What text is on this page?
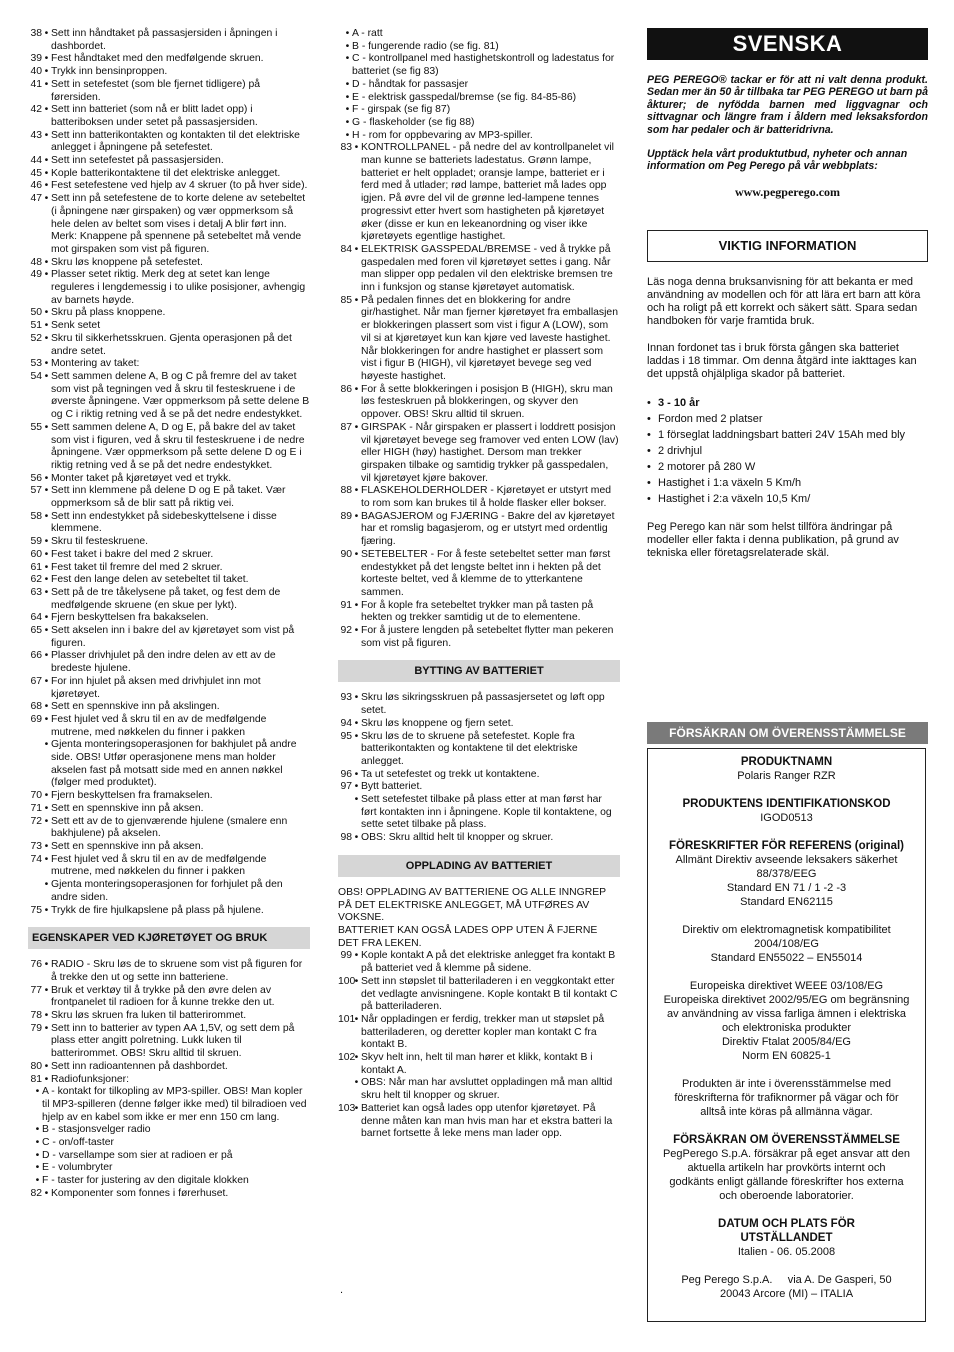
38 • Sett inn håndtaket på passasjersiden i åpningen i dashbordet.
39 • Fest håndtaket med den medfølgende skruen.
40 • Trykk inn bensinproppen.
41 • Sett in setefestet (som ble fjernet tidligere) på førersiden.
42 • Sett inn batteriet (som nå er blitt ladet opp) i batteriboksen under setet på passasjersiden.
43 • Sett inn batterikontakten og kontakten til det elektriske anlegget i åpningene på setefestet.
44 • Sett inn setefestet på passasjersiden.
45 • Kople batterikontaktene til det elektriske anlegget.
46 • Fest setefestene ved hjelp av 4 skruer (to på hver side).
47 • Sett inn på setefestene de to korte delene av setebeltet (i åpningene nær girspaken) og vær oppmerksom så hele delen av beltet som vises i detalj A blir ført inn. Merk: Knappene på spennene på setebeltet må vende mot girspaken som vist på figuren.
48 • Skru løs knoppene på setefestet.
49 • Plasser setet riktig. Merk deg at setet kan lenge reguleres i lengdemessig i to ulike posisjoner, avhengig av barnets høyde.
50 • Skru på plass knoppene.
51 • Senk setet
52 • Skru til sikkerhetsskruen. Gjenta operasjonen på det andre setet.
53 • Montering av taket:
54 • Sett sammen delene A, B og C på fremre del av taket som vist på tegningen ved å skru til festeskruene i de øverste åpningene. Vær oppmerksom på sette delene B og C i riktig retning ved å se på det nedre endestykket.
55 • Sett sammen delene A, D og E, på bakre del av taket som vist i figuren, ved å skru til festeskruene i de nedre åpningene. Vær oppmerksom på sette delene D og E i riktig retning ved å se på det nedre endestykket.
56 • Monter taket på kjøretøyet ved et trykk.
57 • Sett inn klemmene på delene D og E på taket. Vær oppmerksom så de blir satt på riktig vei.
58 • Sett inn endestykket på sidebeskyttelsene i disse klemmene.
59 • Skru til festeskruene.
60 • Fest taket i bakre del med 2 skruer.
61 • Fest taket til fremre del med 2 skruer.
62 • Fest den lange delen av setebeltet til taket.
63 • Sett på de tre tåkelysene på taket, og fest dem de medfølgende skruene (en skue per lykt).
64 • Fjern beskyttelsen fra bakakselen.
65 • Sett akselen inn i bakre del av kjøretøyet som vist på figuren.
66 • Plasser drivhjulet på den indre delen av ett av de bredeste hjulene.
67 • For inn hjulet på aksen med drivhjulet inn mot kjøretøyet.
68 • Sett en spennskive inn på akslingen.
69 • Fest hjulet ved å skru til en av de medfølgende mutrene, med nøkkelen du finner i pakken
• Gjenta monteringsoperasjonen for bakhjulet på andre side. OBS! Utfør operasjonene mens man holder akselen fast på motsatt side med en annen nøkkel (følger med produktet).
70 • Fjern beskyttelsen fra framakselen.
71 • Sett en spennskive inn på aksen.
72 • Sett ett av de to gjenværende hjulene (smalere enn bakhjulene) på akselen.
73 • Sett en spennskive inn på aksen.
74 • Fest hjulet ved å skru til en av de medfølgende mutrene, med nøkkelen du finner i pakken
• Gjenta monteringsoperasjonen for forhjulet på den andre siden.
75 • Trykk de fire hjulkapslene på plass på hjulene.
EGENSKAPER VED KJØRETØYET OG BRUK
76 • RADIO - Skru løs de to skruene som vist på figuren for å trekke den ut og sette inn batteriene.
77 • Bruk et verktøy til å trykke på den øvre delen av frontpanelet til radioen for å kunne trekke den ut.
78 • Skru løs skruen fra luken til batterirommet.
79 • Sett inn to batterier av typen AA 1,5V, og sett dem på plass etter angitt polretning. Lukk luken til batterirommet. OBS! Skru alltid til skruen.
80 • Sett inn radioantennen på dashbordet.
81 • Radiofunksjoner:
• A - kontakt for tilkopling av MP3-spiller. OBS! Man kopler til MP3-spilleren (denne følger ikke med) til bilradioen ved hjelp av en kabel som ikke er mer enn 150 cm lang.
• B - stasjonsvelger radio
• C - on/off-taster
• D - varsellampe som sier at radioen er på
• E - volumbryter
• F - taster for justering av den digitale klokken
82 • Komponenter som fonnes i førerhuset.
• A - ratt
• B - fungerende radio (se fig. 81)
• C - kontrollpanel med hastighetskontroll og ladestatus for batteriet (se fig 83)
• D - håndtak for passasjer
• E - elektrisk gasspedal/bremse (se fig. 84-85-86)
• F - girspak (se fig 87)
• G - flaskeholder (se fig 88)
• H - rom for oppbevaring av MP3-spiller.
83 • KONTROLLPANEL - på nedre del av kontrollpanelet vil man kunne se batteriets ladestatus. Grønn lampe, batteriet er helt oppladet; oransje lampe, batteriet er i ferd med å utlader; rød lampe, batteriet må lades opp igjen. På øvre del vil de grønne led-lampene tennes progressivt etter hvert som hastigheten på kjøretøyet øker (disse er kun en lekeanordning og viser ikke kjøretøyets egentlige hastighet.
84 • ELEKTRISK GASSPEDAL/BREMSE - ved å trykke på gaspedalen med foren vil kjøretøyet settes i gang. Når man slipper opp pedalen vil den elektriske bremsen tre inn i funksjon og stanse kjøretøyet automatisk.
85 • På pedalen finnes det en blokkering for andre gir/hastighet. Når man fjerner kjøretøyet fra emballasjen er blokkeringen plassert som vist i figur A (LOW), som vil si at kjøretøyet kun kan kjøre ved laveste hastighet. Når blokkeringen for andre hastighet er plassert som vist i figur B (HIGH), vil kjøretøyet bevege seg ved høyeste hastighet.
86 • For å sette blokkeringen i posisjon B (HIGH), skru man løs festeskruen på blokkeringen, og skyver den oppover. OBS! Skru alltid til skruen.
87 • GIRSPAK - Når girspaken er plassert i loddrett posisjon vil kjøretøyet bevege seg framover ved enten LOW (lav) eller HIGH (høy) hastighet. Dersom man trekker girspaken tilbake og samtidig trykker på gasspedalen, vil kjøretøyet kjøre bakover.
88 • FLASKEHOLDERHOLDER - Kjøretøyet er utstyrt med to rom som kan brukes til å holde flasker eller bokser.
89 • BAGASJEROM og FJÆRING - Bakre del av kjøretøyet har et romslig bagasjerom, og er utstyrt med ordentlig fjæring.
90 • SETEBELTER - For å feste setebeltet setter man først endestykket på det lengste beltet inn i hekten på det korteste beltet, ved å klemme de to ytterkantene sammen.
91 • For å kople fra setebeltet trykker man på tasten på hekten og trekker samtidig ut de to elementene.
92 • For å justere lengden på setebeltet flytter man pekeren som vist på figuren.
BYTTING AV BATTERIET
93 • Skru løs sikringsskruen på passasjersetet og løft opp setet.
94 • Skru løs knoppene og fjern setet.
95 • Skru løs de to skruene på setefestet. Kople fra batterikontakten og kontaktene til det elektriske anlegget.
96 • Ta ut setefestet og trekk ut kontaktene.
97 • Bytt batteriet.
• Sett setefestet tilbake på plass etter at man først har ført kontakten inn i åpningene. Kople til kontaktene, og sette setet tilbake på plass.
98 • OBS: Skru alltid helt til knopper og skruer.
OPPLADING AV BATTERIET
OBS! OPPLADING AV BATTERIENE OG ALLE INNGREP PÅ DET ELEKTRISKE ANLEGGET, MÅ UTFØRES AV VOKSNE.
BATTERIET KAN OGSÅ LADES OPP UTEN Å FJERNE DET FRA LEKEN.
99 • Kople kontakt A på det elektriske anlegget fra kontakt B på batteriet ved å klemme på sidene.
100 • Sett inn støpslet til batteriladeren i en veggkontakt etter det vedlagte anvisningene. Kople kontakt B til kontakt C på batteriladeren.
101 • Når oppladingen er ferdig, trekker man ut støpslet på batteriladeren, og deretter kopler man kontakt C fra kontakt B.
102 • Skyv helt inn, helt til man hører et klikk, kontakt B i kontakt A.
• OBS: Når man har avsluttet oppladingen må man alltid skru helt til knopper og skruer.
103 • Batteriet kan også lades opp utenfor kjøretøyet. På denne måten kan man hvis man har et ekstra batteri la barnet fortsette å leke mens man lader opp.
.
SVENSKA
PEG PEREGO® tackar er för att ni valt denna produkt. Sedan mer än 50 år tillbaka tar PEG PEREGO ut barn på åkturer; de nyfödda barnen med liggvagnar och sittvagnar och längre fram i åldern med leksaksfordon som har pedaler och är batteridrivna.
Upptäck hela vårt produktutbud, nyheter och annan information om Peg Perego på vår webbplats:
www.pegperego.com
VIKTIG INFORMATION
Läs noga denna bruksanvisning för att bekanta er med användning av modellen och för att lära ert barn att köra och ha roligt på ett korrekt och säkert sätt. Spara sedan handboken för varje framtida bruk.
Innan fordonet tas i bruk första gången ska batteriet laddas i 18 timmar. Om denna åtgärd inte iakttages kan det uppstå ohjälpliga skador på batteriet.
• 3 - 10 år
• Fordon med 2 platser
• 1 förseglat laddningsbart batteri 24V 15Ah med bly
• 2 drivhjul
• 2 motorer på 280 W
• Hastighet i 1:a växeln 5 Km/h
• Hastighet i 2:a växeln 10,5 Km/
Peg Perego kan när som helst tillföra ändringar på modeller eller fakta i denna publikation, på grund av tekniska eller företagsrelaterade skäl.
FÖRSÄKRAN OM ÖVERENSSTÄMMELSE
PRODUKTNAMN
Polaris Ranger RZR
PRODUKTENS IDENTIFIKATIONSKOD
IGOD0513
FÖRESKRIFTER FÖR REFERENS (original)
Allmänt Direktiv avseende leksakers säkerhet
88/378/EEG
Standard EN 71 / 1 -2 -3
Standard EN62115
Direktiv om elektromagnetisk kompatibilitet
2004/108/EG
Standard EN55022 – EN55014
Europeiska direktivet WEEE 03/108/EG
Europeiska direktivet 2002/95/EG om begränsning
av användning av vissa farliga ämnen i elektriska
och elektroniska produkter
Direktiv Ftalat 2005/84/EG
Norm EN 60825-1
Produkten är inte i överensstämmelse med
föreskrifterna för trafiknormer på vägar och för
alltså inte köras på allmänna vägar.
FÖRSÄKRAN OM ÖVERENSSTÄMMELSE
PegPerego S.p.A. försäkrar på eget ansvar att den
aktuella artikeln har provkörts internt och
godkänts enligt gällande föreskrifter hos externa
och oberoende laboratorier.
DATUM OCH PLATS FÖR
UTSTÄLLANDET
Italien - 06. 05.2008
Peg Perego S.p.A.     via A. De Gasperi, 50
20043 Arcore (MI) – ITALIA
